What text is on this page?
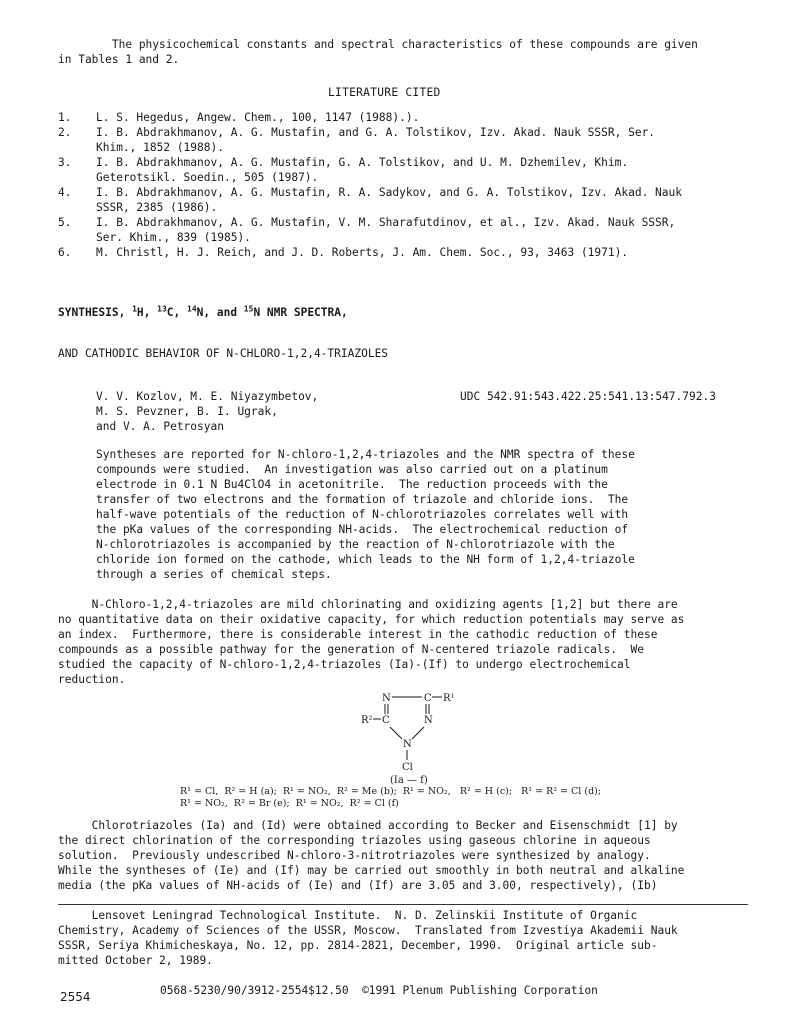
The physicochemical constants and spectral characteristics of these compounds are given
in Tables 1 and 2.
LITERATURE CITED
1.	L. S. Hegedus, Angew. Chem., 100, 1147 (1988).).
2.	I. B. Abdrakhmanov, A. G. Mustafin, and G. A. Tolstikov, Izv. Akad. Nauk SSSR, Ser.
Khim., 1852 (1988).
3.	I. B. Abdrakhmanov, A. G. Mustafin, G. A. Tolstikov, and U. M. Dzhemilev, Khim.
Geterotsikl. Soedin., 505 (1987).
4.	I. B. Abdrakhmanov, A. G. Mustafin, R. A. Sadykov, and G. A. Tolstikov, Izv. Akad. Nauk
SSSR, 2385 (1986).
5.	I. B. Abdrakhmanov, A. G. Mustafin, V. M. Sharafutdinov, et al., Izv. Akad. Nauk SSSR,
Ser. Khim., 839 (1985).
6.	M. Christl, H. J. Reich, and J. D. Roberts, J. Am. Chem. Soc., 93, 3463 (1971).
SYNTHESIS, $^1$H, $^{13}$C, $^{14}$N, and $^{15}$N NMR SPECTRA,
AND CATHODIC BEHAVIOR OF N-CHLORO-1,2,4-TRIAZOLES
V. V. Kozlov, M. E. Niyazymbetov,
M. S. Pevzner, B. I. Ugrak,
and V. A. Petrosyan
UDC 542.91:543.422.25:541.13:547.792.3
Syntheses are reported for N-chloro-1,2,4-triazoles and the NMR spectra of these
compounds were studied.  An investigation was also carried out on a platinum
electrode in 0.1 N Bu4ClO4 in acetonitrile.  The reduction proceeds with the
transfer of two electrons and the formation of triazole and chloride ions.  The
half-wave potentials of the reduction of N-chlorotriazoles correlates well with
the pKa values of the corresponding NH-acids.  The electrochemical reduction of
N-chlorotriazoles is accompanied by the reaction of N-chlorotriazole with the
chloride ion formed on the cathode, which leads to the NH form of 1,2,4-triazole
through a series of chemical steps.
N-Chloro-1,2,4-triazoles are mild chlorinating and oxidizing agents [1,2] but there are
no quantitative data on their oxidative capacity, for which reduction potentials may serve as
an index.  Furthermore, there is considerable interest in the cathodic reduction of these
compounds as a possible pathway for the generation of N-centered triazole radicals.  We
studied the capacity of N-chloro-1,2,4-triazoles (Ia)-(If) to undergo electrochemical
reduction.
N	C R¹
R² C	N
N
Cl
(Ia — f)
R¹ = Cl,  R² = H (a);  R¹ = NO₂,  R² = Me (b);  R¹ = NO₂,   R² = H (c);   R¹ = R² = Cl (d);
R¹ = NO₂,  R² = Br (e);  R¹ = NO₂,  R² = Cl (f)
Chlorotriazoles (Ia) and (Id) were obtained according to Becker and Eisenschmidt [1] by
the direct chlorination of the corresponding triazoles using gaseous chlorine in aqueous
solution.  Previously undescribed N-chloro-3-nitrotriazoles were synthesized by analogy.
While the syntheses of (Ie) and (If) may be carried out smoothly in both neutral and alkaline
media (the pKa values of NH-acids of (Ie) and (If) are 3.05 and 3.00, respectively), (Ib)
Lensovet Leningrad Technological Institute.  N. D. Zelinskii Institute of Organic
Chemistry, Academy of Sciences of the USSR, Moscow.  Translated from Izvestiya Akademii Nauk
SSSR, Seriya Khimicheskaya, No. 12, pp. 2814-2821, December, 1990.  Original article sub-
mitted October 2, 1989.
2554	0568-5230/90/3912-2554$12.50  ©1991 Plenum Publishing Corporation
